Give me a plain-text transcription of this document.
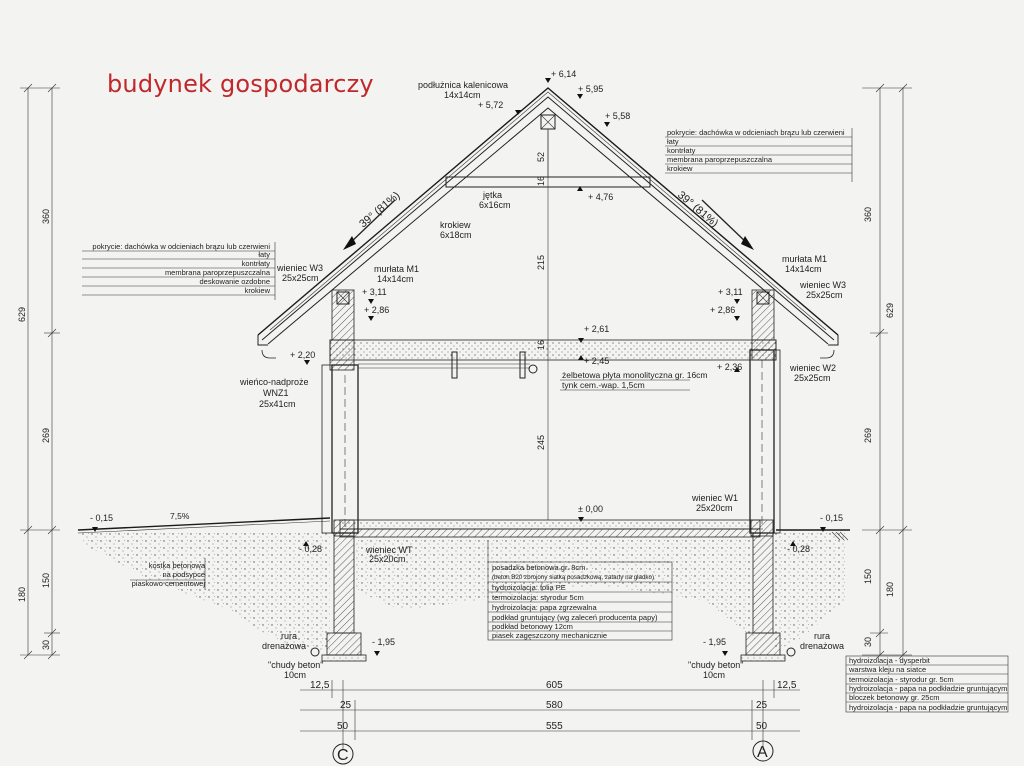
budynek gospodarczy	podłużnica kalenicowa
14x14cm
+ 6,14
+ 5,95
+ 5,72
+ 5,58
pokrycie: dachówka w odcieniach brązu lub czerwieni
łaty
kontrłaty
membrana paroprzepuszczalna
krokiew
pokrycie: dachówka w odcieniach brązu lub czerwieni
łaty
kontrłaty
membrana paroprzepuszczalna
deskowanie ozdobne
krokiew
jętka
6x16cm
+ 4,76
krokiew
6x18cm
39° (81%)	39° (81%)
52
16
215
16
245
murłata M1
14x14cm
murłata M1
14x14cm
wieniec W3
25x25cm
wieniec W3
25x25cm
wieniec W2
25x25cm
wieńco-nadproże
WNZ1
25x41cm
+ 3,11
+ 2,86
+ 3,11
+ 2,86
+ 2,61
+ 2,45
+ 2,36
+ 2,20
żelbetowa płyta monolityczna gr. 16cm
tynk cem.-wap. 1,5cm
± 0,00
wieniec W1
25x20cm
wieniec WT
25x20cm
- 0,15	- 0,15
7,5%
- 0,28	- 0,28
- 1,95	- 1,95
kostka betonowa
na podsypce
piaskowo cementowej
posadzka betonowa gr. 8cm
(beton B20 zbrojony siatką posadzkową, zatarty na gładko)
hydroizolacja: folia PE
termoizolacja: styrodur 5cm
hydroizolacja: papa zgrzewalna
podkład gruntujący (wg zaleceń producenta papy)
podkład betonowy 12cm
piasek zagęszczony mechanicznie
hydroizolacja - dysperbit
warstwa kleju na siatce
termoizolacja - styrodur gr. 5cm
hydroizolacja - papa na podkładzie gruntującym
bloczek betonowy gr. 25cm
hydroizolacja - papa na podkładzie gruntującym
rura
drenażowa
rura
drenażowa
"chudy beton"
10cm
"chudy beton"
10cm
629
360
269
180
150
30
629
360
269
180
150
30
12,5	605	12,5
25	580	25
50	555	50
C	A
